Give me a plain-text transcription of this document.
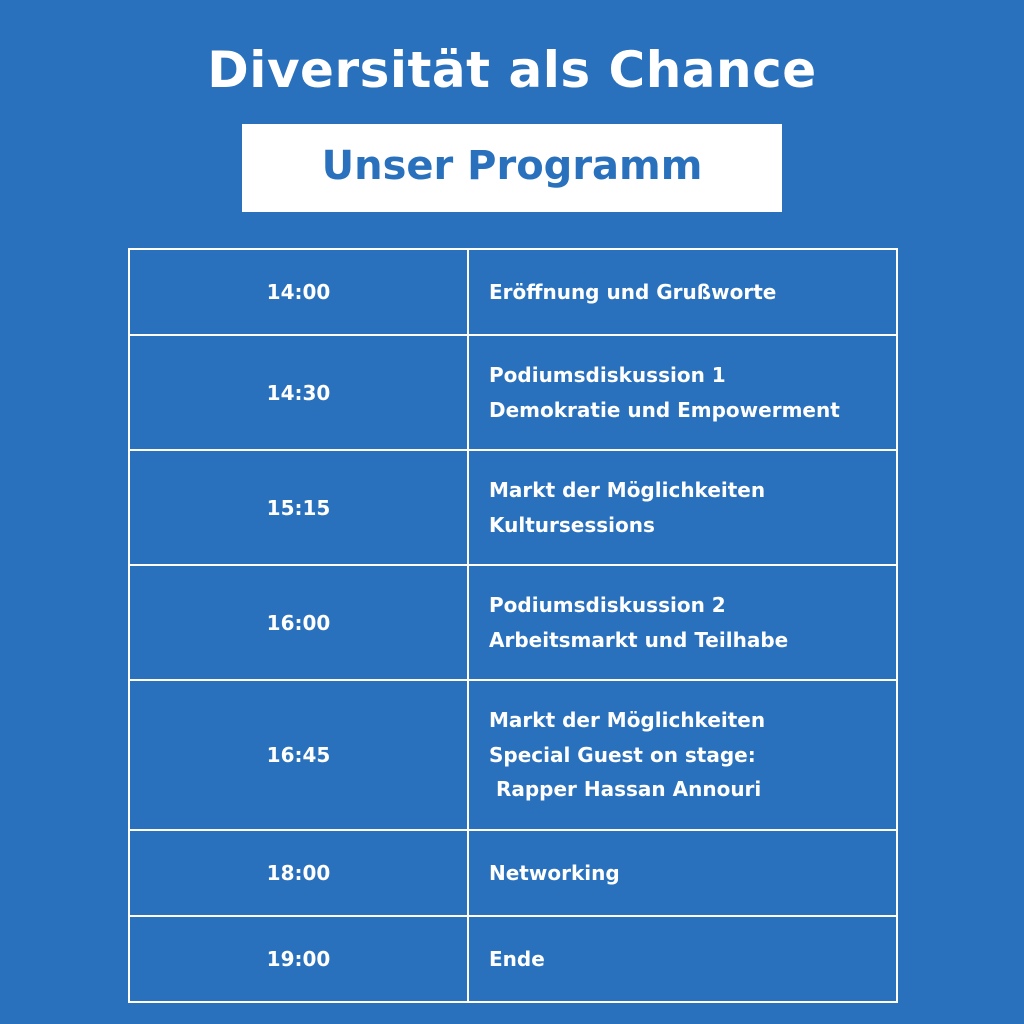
Diversität als Chance
Unser Programm
14:00	Eröffnung und Grußworte

14:30	Podiumsdiskussion 1
Demokratie und Empowerment

15:15	Markt der Möglichkeiten
Kultursessions

16:00	Podiumsdiskussion 2
Arbeitsmarkt und Teilhabe

16:45	Markt der Möglichkeiten
Special Guest on stage:
Rapper Hassan Annouri

18:00	Networking

19:00	Ende
